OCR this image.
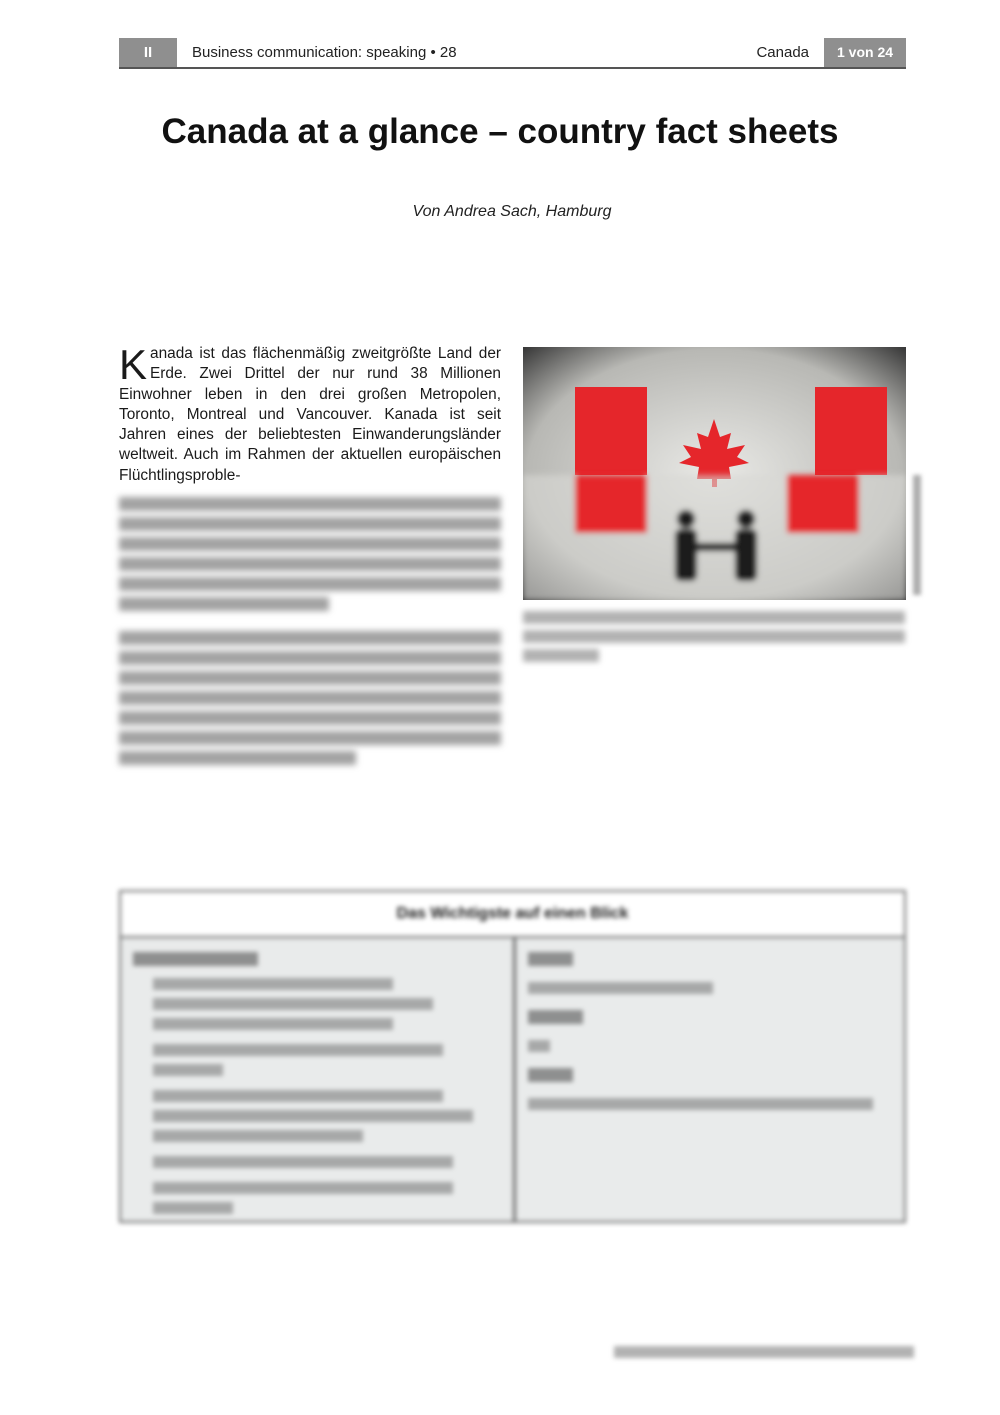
II	Business communication: speaking • 28	Canada	1 von 24
Canada at a glance – country fact sheets
Von Andrea Sach, Hamburg
Kanada ist das flächenmäßig zweitgrößte Land der Erde. Zwei Drittel der nur rund 38 Millionen Einwohner leben in den drei großen Metropolen, Toronto, Montreal und Vancouver. Kanada ist seit Jahren eines der beliebtesten Einwanderungsländer weltweit. Auch im Rahmen der aktuellen europäischen Flüchtlingsproble-
Das Wichtigste auf einen Blick
